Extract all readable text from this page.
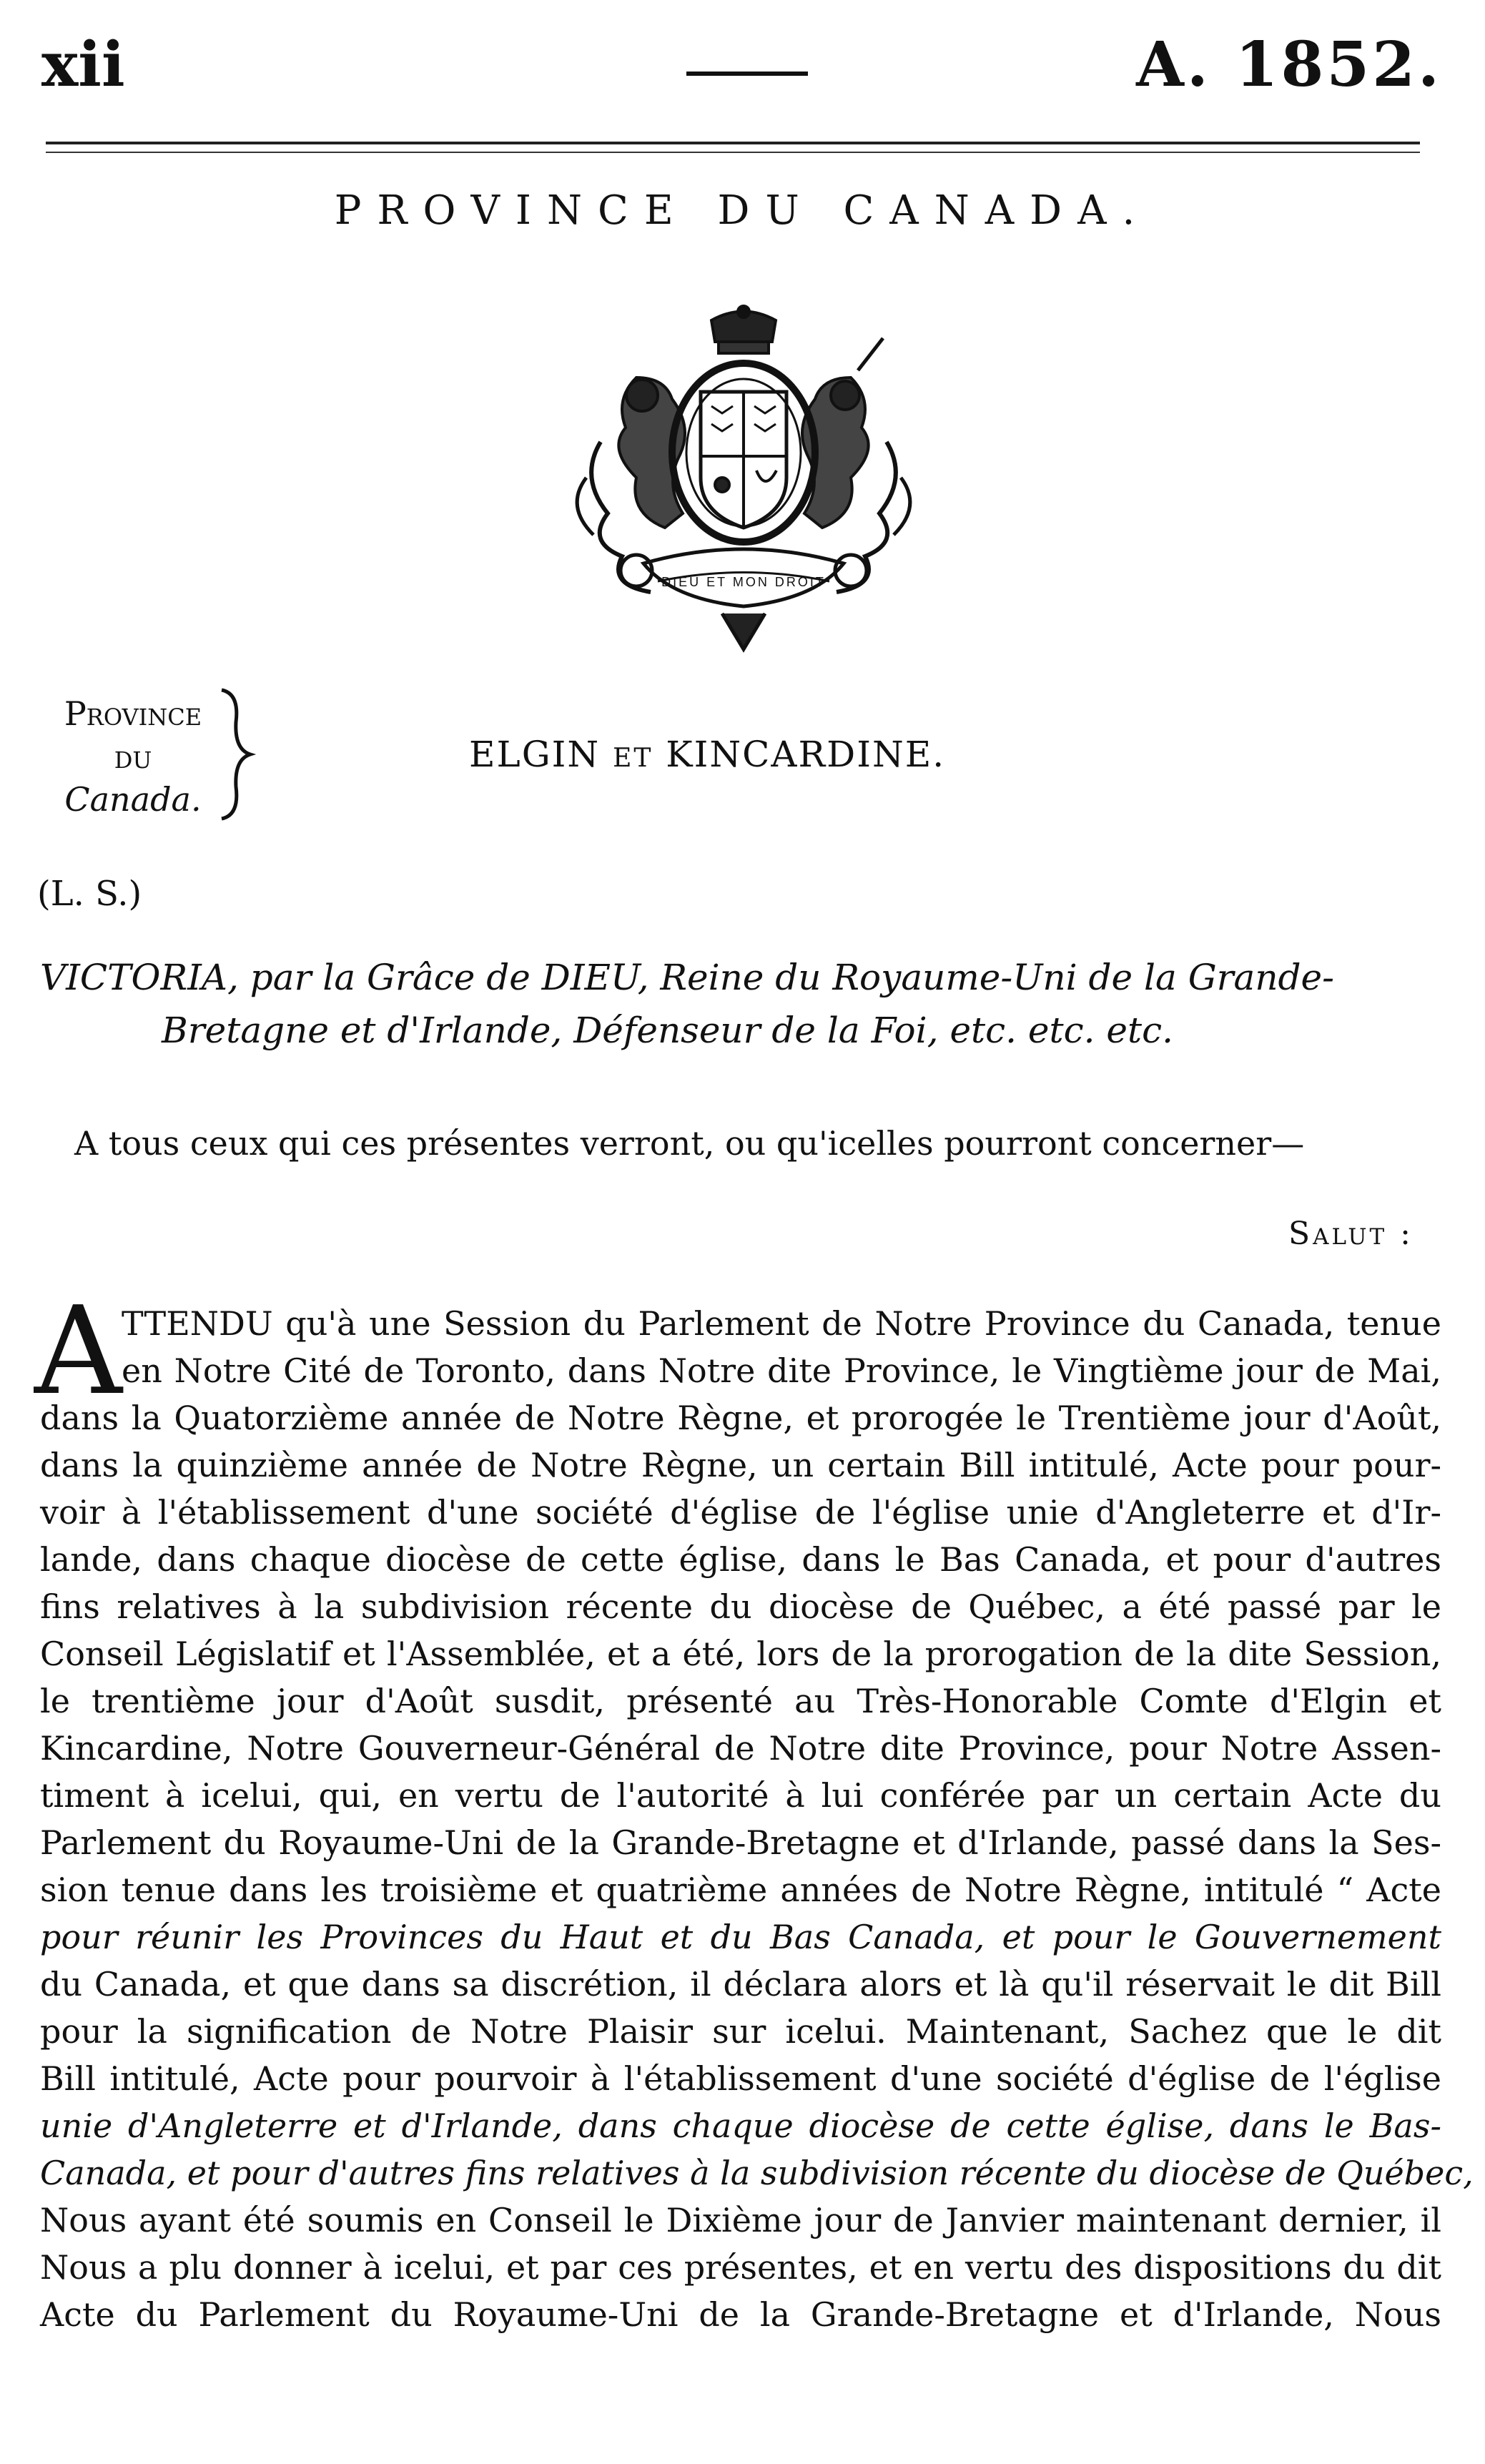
xii	A. 1852.
PROVINCE DU CANADA.
DIEU ET MON DROIT
Province
du
Canada.
ELGIN ET KINCARDINE.
(L. S.)
VICTORIA, par la Grâce de DIEU, Reine du Royaume-Uni de la Grande-
Bretagne et d'Irlande, Défenseur de la Foi, etc. etc. etc.
A tous ceux qui ces présentes verront, ou qu'icelles pourront concerner—
Salut :
A TTENDU qu'à une Session du Parlement de Notre Province du Canada, tenue
en Notre Cité de Toronto, dans Notre dite Province, le Vingtième jour de Mai,
dans la Quatorzième année de Notre Règne, et prorogée le Trentième jour d'Août,
dans la quinzième année de Notre Règne, un certain Bill intitulé, Acte pour pour-
voir à l'établissement d'une société d'église de l'église unie d'Angleterre et d'Ir-
lande, dans chaque diocèse de cette église, dans le Bas Canada, et pour d'autres
fins relatives à la subdivision récente du diocèse de Québec, a été passé par le
Conseil Législatif et l'Assemblée, et a été, lors de la prorogation de la dite Session,
le trentième jour d'Août susdit, présenté au Très-Honorable Comte d'Elgin et
Kincardine, Notre Gouverneur-Général de Notre dite Province, pour Notre Assen-
timent à icelui, qui, en vertu de l'autorité à lui conférée par un certain Acte du
Parlement du Royaume-Uni de la Grande-Bretagne et d'Irlande, passé dans la Ses-
sion tenue dans les troisième et quatrième années de Notre Règne, intitulé “ Acte
pour réunir les Provinces du Haut et du Bas Canada, et pour le Gouvernement
du Canada, et que dans sa discrétion, il déclara alors et là qu'il réservait le dit Bill
pour la signification de Notre Plaisir sur icelui. Maintenant, Sachez que le dit
Bill intitulé, Acte pour pourvoir à l'établissement d'une société d'église de l'église
unie d'Angleterre et d'Irlande, dans chaque diocèse de cette église, dans le Bas-
Canada, et pour d'autres fins relatives à la subdivision récente du diocèse de Québec,
Nous ayant été soumis en Conseil le Dixième jour de Janvier maintenant dernier, il
Nous a plu donner à icelui, et par ces présentes, et en vertu des dispositions du dit
Acte du Parlement du Royaume-Uni de la Grande-Bretagne et d'Irlande, Nous
